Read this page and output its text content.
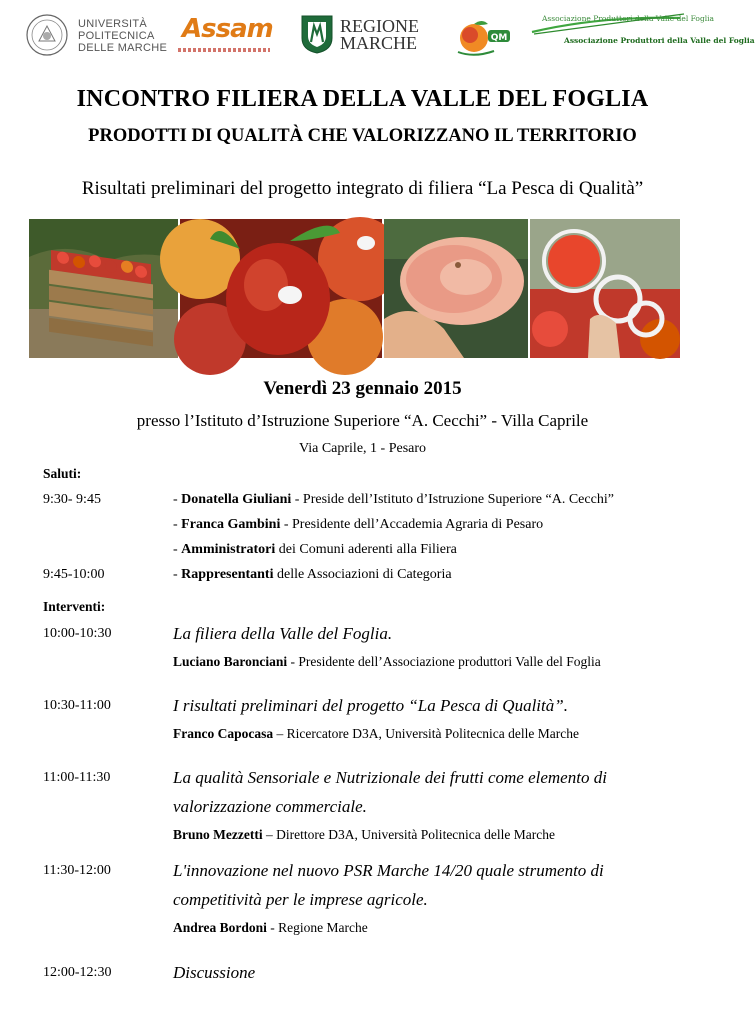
UNIVERSITÀ
POLITECNICA
DELLE MARCHE
Assam	REGIONE
MARCHE	QM
Associazione Produttori della Valle del Foglia
Associazione Produttori della Valle del Foglia
INCONTRO FILIERA DELLA VALLE DEL FOGLIA
PRODOTTI DI QUALITÀ CHE VALORIZZANO IL TERRITORIO
Risultati preliminari del progetto integrato di filiera “La Pesca di Qualità”
Venerdì 23 gennaio 2015
presso l’Istituto d’Istruzione Superiore “A. Cecchi” - Villa Caprile
Via Caprile, 1 - Pesaro
Saluti:
9:30- 9:45	- Donatella Giuliani - Preside dell’Istituto d’Istruzione Superiore “A. Cecchi”
- Franca Gambini - Presidente dell’Accademia Agraria di Pesaro
- Amministratori dei Comuni aderenti alla Filiera
9:45-10:00	- Rappresentanti delle Associazioni di Categoria
Interventi:
10:00-10:30	La filiera della Valle del Foglia.
Luciano Baronciani - Presidente dell’Associazione produttori Valle del Foglia
10:30-11:00	I risultati preliminari del progetto “La Pesca di Qualità”.
Franco Capocasa – Ricercatore D3A, Università Politecnica delle Marche
11:00-11:30	La qualità Sensoriale e Nutrizionale dei frutti come elemento di
valorizzazione commerciale.
Bruno Mezzetti – Direttore D3A, Università Politecnica delle Marche
11:30-12:00	L'innovazione nel nuovo PSR Marche 14/20 quale strumento di
competitività per le imprese agricole.
Andrea Bordoni - Regione Marche
12:00-12:30	Discussione
